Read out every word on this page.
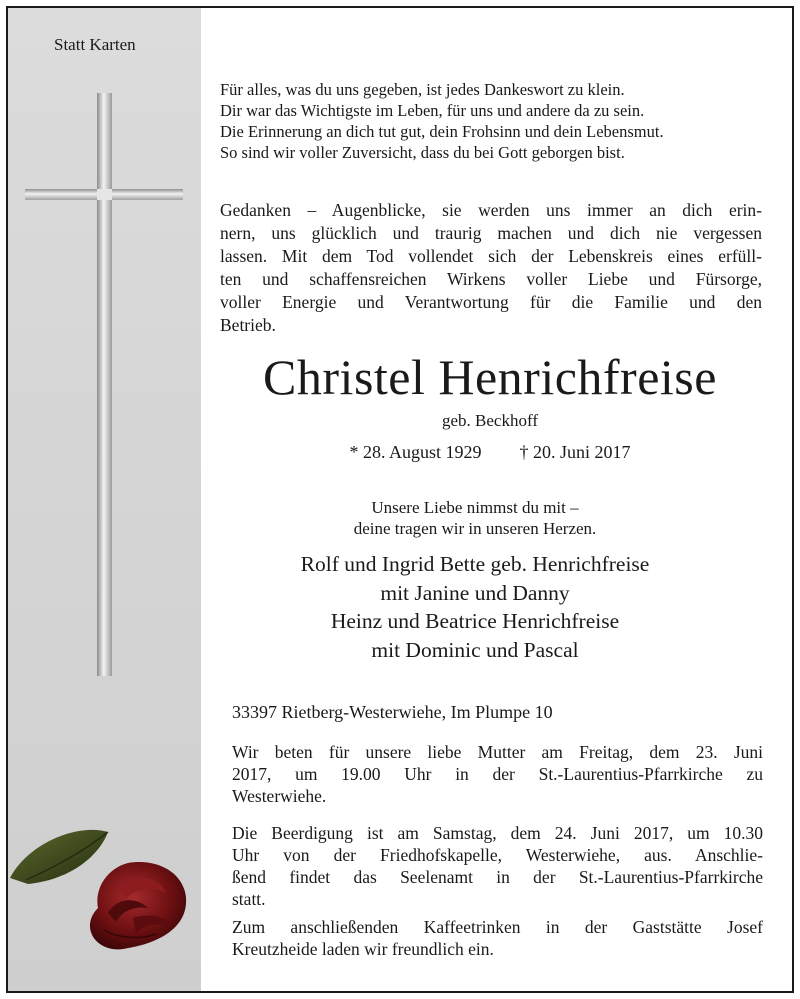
Statt Karten
Für alles, was du uns gegeben, ist jedes Dankeswort zu klein.
Dir war das Wichtigste im Leben, für uns und andere da zu sein.
Die Erinnerung an dich tut gut, dein Frohsinn und dein Lebensmut.
So sind wir voller Zuversicht, dass du bei Gott geborgen bist.
Gedanken – Augenblicke, sie werden uns immer an dich erin-
nern, uns glücklich und traurig machen und dich nie vergessen
lassen. Mit dem Tod vollendet sich der Lebenskreis eines erfüll-
ten und schaffensreichen Wirkens voller Liebe und Fürsorge,
voller Energie und Verantwortung für die Familie und den
Betrieb.
Christel Henrichfreise
geb. Beckhoff
* 28. August 1929 † 20. Juni 2017
Unsere Liebe nimmst du mit –
deine tragen wir in unseren Herzen.
Rolf und Ingrid Bette geb. Henrichfreise
mit Janine und Danny
Heinz und Beatrice Henrichfreise
mit Dominic und Pascal
33397 Rietberg-Westerwiehe, Im Plumpe 10
Wir beten für unsere liebe Mutter am Freitag, dem 23. Juni
2017, um 19.00 Uhr in der St.-Laurentius-Pfarrkirche zu
Westerwiehe.
Die Beerdigung ist am Samstag, dem 24. Juni 2017, um 10.30
Uhr von der Friedhofskapelle, Westerwiehe, aus. Anschlie-
ßend findet das Seelenamt in der St.-Laurentius-Pfarrkirche
statt.
Zum anschließenden Kaffeetrinken in der Gaststätte Josef
Kreutzheide laden wir freundlich ein.
